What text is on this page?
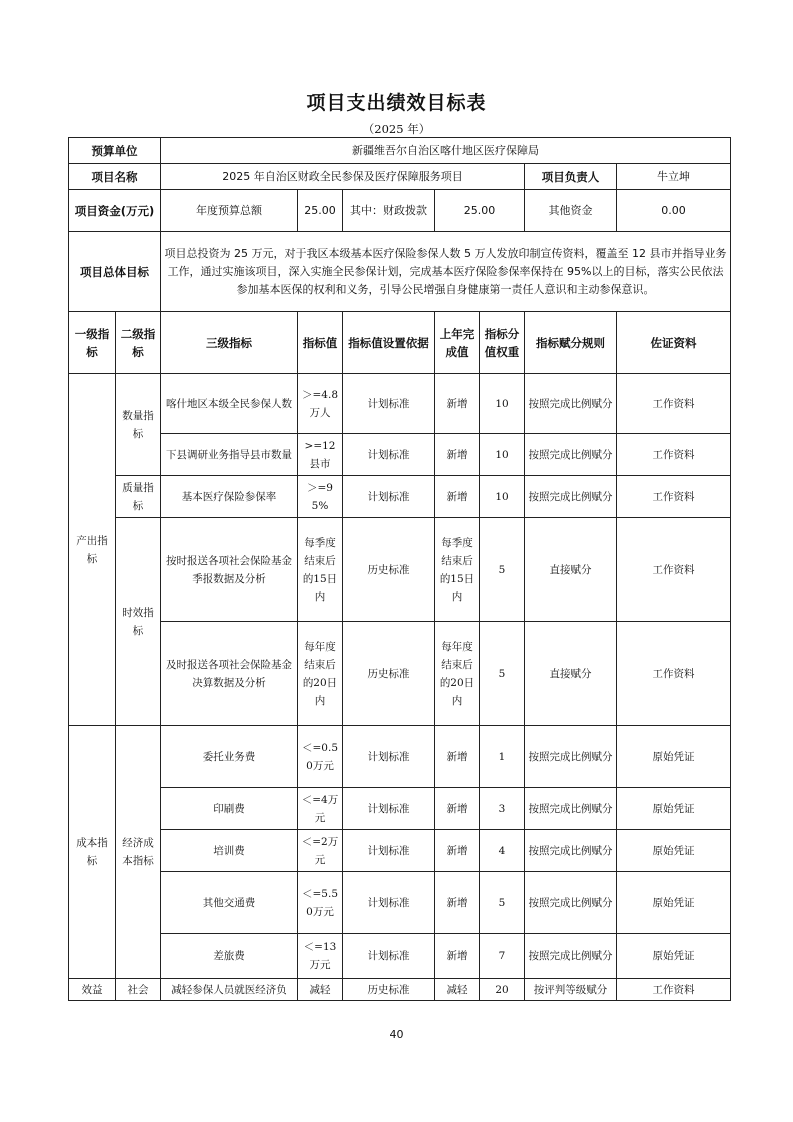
项目支出绩效目标表
（2025 年）
预算单位		新疆维吾尔自治区喀什地区医疗保障局						
项目名称		2025 年自治区财政全民参保及医疗保障服务项目					项目负责人	牛立坤
项目资金(万元)		年度预算总额	25.00	其中：财政拨款	25.00		其他资金	0.00
项目总体目标		项目总投资为 25 万元，对于我区本级基本医疗保险参保人数 5 万人发放印制宣传资料，覆盖至 12 县市并指导业务工作，通过实施该项目，深入实施全民参保计划，完成基本医疗保险参保率保持在 95%以上的目标，落实公民依法参加基本医保的权利和义务，引导公民增强自身健康第一责任人意识和主动参保意识。						
一级指标	二级指标	三级指标	指标值	指标值设置依据	上年完成值	指标分值权重	指标赋分规则	佐证资料
产出指标	数量指标	喀什地区本级全民参保人数	＞=4.8万人	计划标准	新增	10	按照完成比例赋分	工作资料
		下县调研业务指导县市数量	>=12县市	计划标准	新增	10	按照完成比例赋分	工作资料
	质量指标	基本医疗保险参保率	＞=95%	计划标准	新增	10	按照完成比例赋分	工作资料
	时效指标	按时报送各项社会保险基金季报数据及分析	每季度结束后的15日内	历史标准	每季度结束后的15日内	5	直接赋分	工作资料
		及时报送各项社会保险基金决算数据及分析	每年度结束后的20日内	历史标准	每年度结束后的20日内	5	直接赋分	工作资料
成本指标	经济成本指标	委托业务费	＜=0.50万元	计划标准	新增	1	按照完成比例赋分	原始凭证
		印刷费	＜=4万元	计划标准	新增	3	按照完成比例赋分	原始凭证
		培训费	＜=2万元	计划标准	新增	4	按照完成比例赋分	原始凭证
		其他交通费	＜=5.50万元	计划标准	新增	5	按照完成比例赋分	原始凭证
		差旅费	＜=13万元	计划标准	新增	7	按照完成比例赋分	原始凭证
效益	社会	减轻参保人员就医经济负	减轻	历史标准	减轻	20	按评判等级赋分	工作资料
40
